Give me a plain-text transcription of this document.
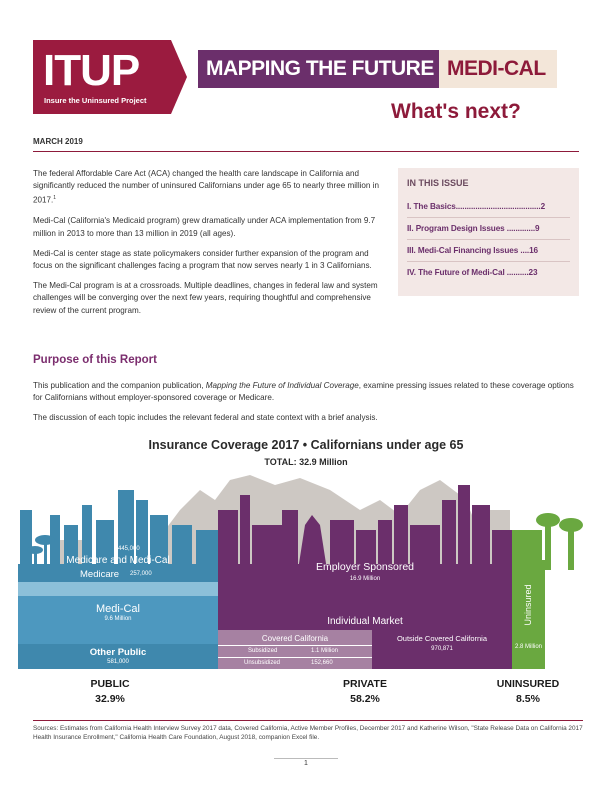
ITUP
Insure the Uninsured Project
MAPPING THE FUTURE MEDI-CAL
What's next?
MARCH 2019

The federal Affordable Care Act (ACA) changed the health care landscape in California and significantly reduced the number of uninsured Californians under age 65 to nearly three million in 2017.$^1$

Medi-Cal (California's Medicaid program) grew dramatically under ACA implementation from 9.7 million in 2013 to more than 13 million in 2019 (all ages).

Medi-Cal is center stage as state policymakers consider further expansion of the program and focus on the significant challenges facing a program that now serves nearly 1 in 3 Californians.

The Medi-Cal program is at a crossroads. Multiple deadlines, changes in federal law and system challenges will be converging over the next few years, requiring thoughtful and comprehensive review of the current program.

IN THIS ISSUE
I. The Basics.......................................2
II. Program Design Issues .............9
III. Medi-Cal Financing Issues ....16
IV. The Future of Medi-Cal ..........23
Purpose of this Report

This publication and the companion publication, Mapping the Future of Individual Coverage, examine pressing issues related to these coverage options for Californians without employer-sponsored coverage or Medicare.

The discussion of each topic includes the relevant federal and state context with a brief analysis.

Insurance Coverage 2017 • Californians under age 65
TOTAL: 32.9 Million
445,000
Medicare and Medi-Cal
Medicare 257,000
Medi-Cal
9.6 Million
Other Public
581,000
Employer Sponsored
16.9 Million
Individual Market
Covered California
Subsidized	1.1 Million
Unsubsidized	152,660
Outside Covered California
970,871
Uninsured
2.8 Million
PUBLIC
32.9%
PRIVATE
58.2%
UNINSURED
8.5%
Sources: Estimates from California Health Interview Survey 2017 data, Covered California, Active Member Profiles, December 2017 and Katherine Wilson, "State Release Data on California 2017 Health Insurance Enrollment," California Health Care Foundation, August 2018, companion Excel file.
1
